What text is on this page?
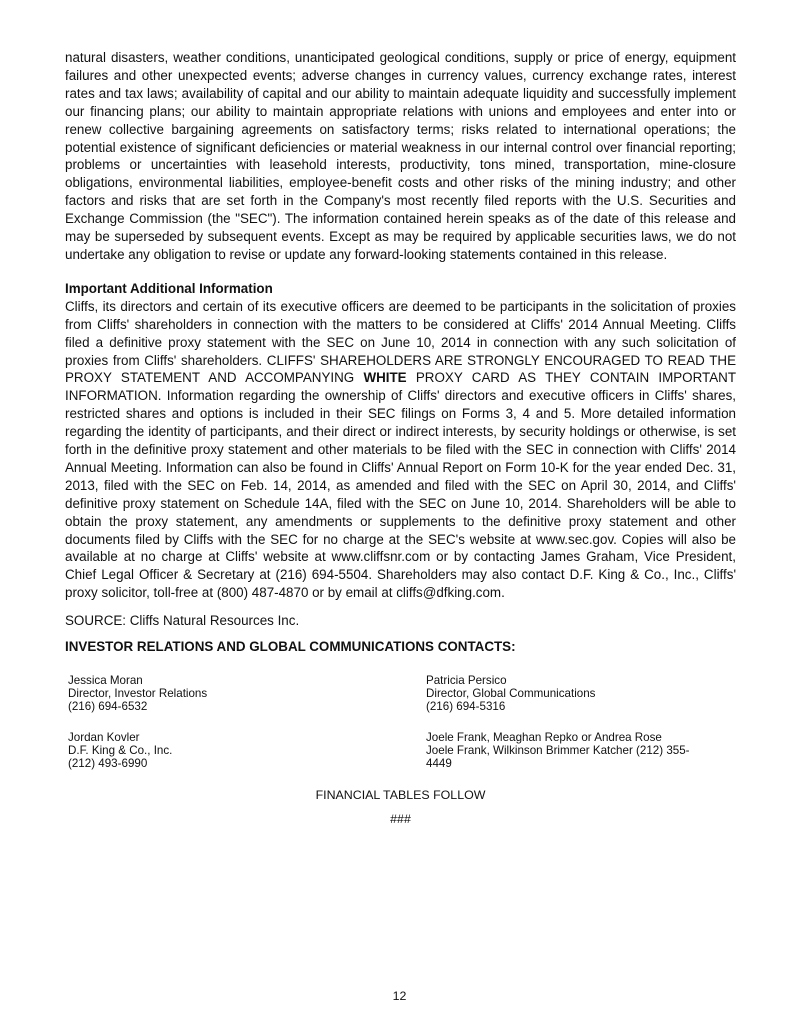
natural disasters, weather conditions, unanticipated geological conditions, supply or price of energy, equipment failures and other unexpected events; adverse changes in currency values, currency exchange rates, interest rates and tax laws; availability of capital and our ability to maintain adequate liquidity and successfully implement our financing plans; our ability to maintain appropriate relations with unions and employees and enter into or renew collective bargaining agreements on satisfactory terms; risks related to international operations; the potential existence of significant deficiencies or material weakness in our internal control over financial reporting; problems or uncertainties with leasehold interests, productivity, tons mined, transportation, mine-closure obligations, environmental liabilities, employee-benefit costs and other risks of the mining industry; and other factors and risks that are set forth in the Company's most recently filed reports with the U.S. Securities and Exchange Commission (the "SEC"). The information contained herein speaks as of the date of this release and may be superseded by subsequent events. Except as may be required by applicable securities laws, we do not undertake any obligation to revise or update any forward-looking statements contained in this release.

Important Additional Information

Cliffs, its directors and certain of its executive officers are deemed to be participants in the solicitation of proxies from Cliffs' shareholders in connection with the matters to be considered at Cliffs' 2014 Annual Meeting. Cliffs filed a definitive proxy statement with the SEC on June 10, 2014 in connection with any such solicitation of proxies from Cliffs' shareholders. CLIFFS' SHAREHOLDERS ARE STRONGLY ENCOURAGED TO READ THE PROXY STATEMENT AND ACCOMPANYING WHITE PROXY CARD AS THEY CONTAIN IMPORTANT INFORMATION. Information regarding the ownership of Cliffs' directors and executive officers in Cliffs' shares, restricted shares and options is included in their SEC filings on Forms 3, 4 and 5. More detailed information regarding the identity of participants, and their direct or indirect interests, by security holdings or otherwise, is set forth in the definitive proxy statement and other materials to be filed with the SEC in connection with Cliffs' 2014 Annual Meeting. Information can also be found in Cliffs' Annual Report on Form 10-K for the year ended Dec. 31, 2013, filed with the SEC on Feb. 14, 2014, as amended and filed with the SEC on April 30, 2014, and Cliffs' definitive proxy statement on Schedule 14A, filed with the SEC on June 10, 2014. Shareholders will be able to obtain the proxy statement, any amendments or supplements to the definitive proxy statement and other documents filed by Cliffs with the SEC for no charge at the SEC's website at www.sec.gov. Copies will also be available at no charge at Cliffs' website at www.cliffsnr.com or by contacting James Graham, Vice President, Chief Legal Officer & Secretary at (216) 694-5504. Shareholders may also contact D.F. King & Co., Inc., Cliffs' proxy solicitor, toll-free at (800) 487-4870 or by email at cliffs@dfking.com.

SOURCE: Cliffs Natural Resources Inc.

INVESTOR RELATIONS AND GLOBAL COMMUNICATIONS CONTACTS:

Jessica Moran
Director, Investor Relations
(216) 694-6532
Patricia Persico
Director, Global Communications
(216) 694-5316
Jordan Kovler
D.F. King & Co., Inc.
(212) 493-6990
Joele Frank, Meaghan Repko or Andrea Rose
Joele Frank, Wilkinson Brimmer Katcher (212) 355-
4449
FINANCIAL TABLES FOLLOW
###
12
